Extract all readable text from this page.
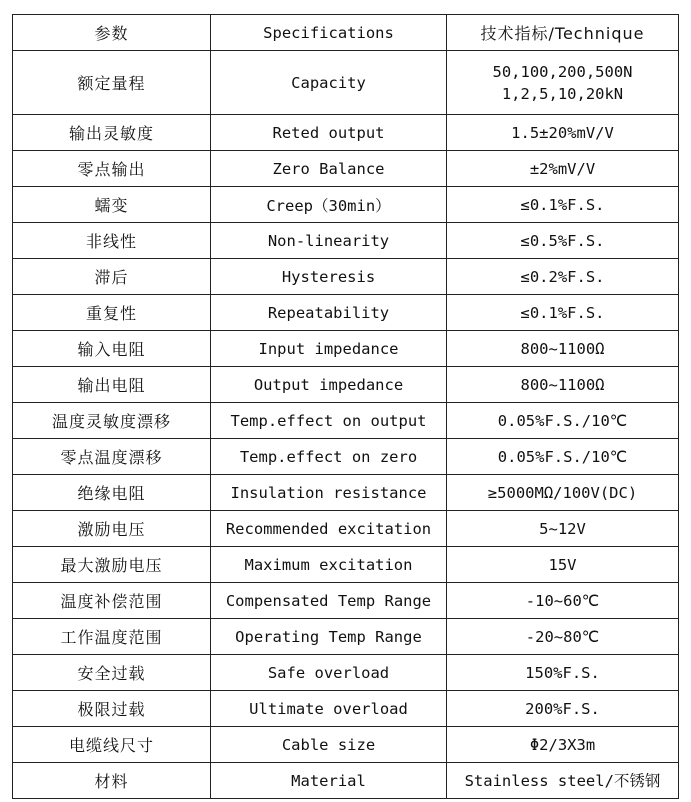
参数	Specifications	技术指标/Technique
额定量程	Capacity	50,100,200,500N
1,2,5,10,20kN

输出灵敏度	Reted output	1.5±20%mV/V
零点输出	Zero Balance	±2%mV/V
蠕变	Creep（30min）	≤0.1%F.S.
非线性	Non-linearity	≤0.5%F.S.
滞后	Hysteresis	≤0.2%F.S.
重复性	Repeatability	≤0.1%F.S.
输入电阻	Input impedance	800~1100Ω
输出电阻	Output impedance	800~1100Ω
温度灵敏度漂移	Temp.effect on output	0.05%F.S./10℃
零点温度漂移	Temp.effect on zero	0.05%F.S./10℃
绝缘电阻	Insulation resistance	≥5000MΩ/100V(DC)
激励电压	Recommended excitation	5~12V
最大激励电压	Maximum excitation	15V
温度补偿范围	Compensated Temp Range	-10~60℃
工作温度范围	Operating Temp Range	-20~80℃
安全过载	Safe overload	150%F.S.
极限过载	Ultimate overload	200%F.S.
电缆线尺寸	Cable size	Φ2/3X3m
材料	Material	Stainless steel/不锈钢
